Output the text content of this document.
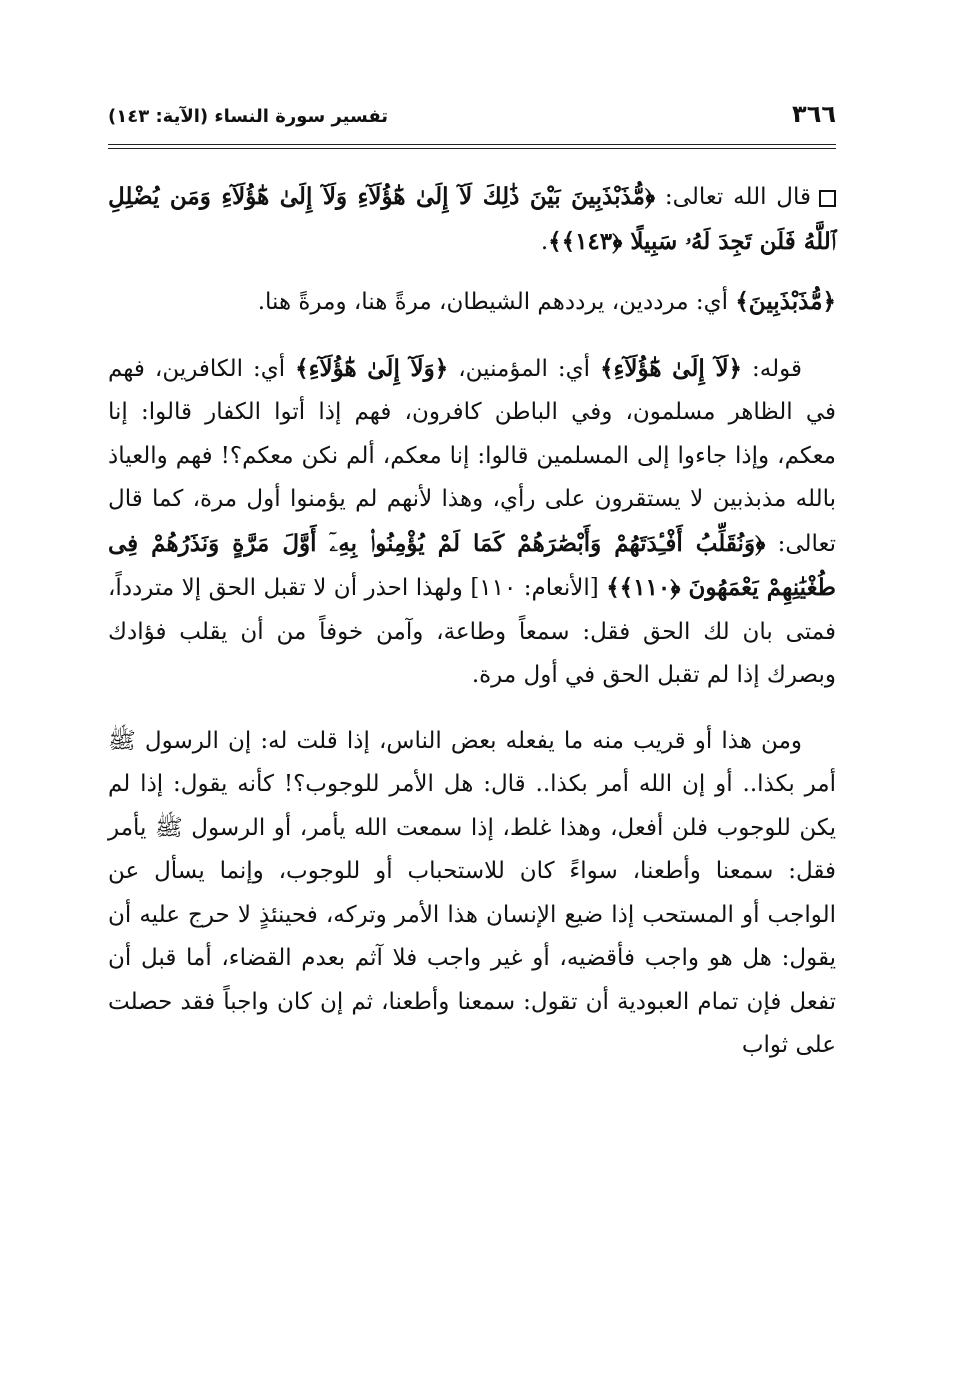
٣٦٦
تفسير سورة النساء (الآية: ١٤٣)

قال الله تعالى: ﴿مُّذَبْذَبِينَ بَيْنَ ذَٰلِكَ لَآ إِلَىٰ هَٰٓؤُلَآءِ وَلَآ إِلَىٰ هَٰٓؤُلَآءِ وَمَن يُضْلِلِ ٱللَّهُ فَلَن تَجِدَ لَهُۥ سَبِيلًا ﴿١٤٣﴾﴾.

﴿مُّذَبْذَبِينَ﴾ أي: مرددين، يرددهم الشيطان، مرةً هنا، ومرةً هنا.

قوله: ﴿لَآ إِلَىٰ هَٰٓؤُلَآءِ﴾ أي: المؤمنين، ﴿وَلَآ إِلَىٰ هَٰٓؤُلَآءِ﴾ أي: الكافرين، فهم في الظاهر مسلمون، وفي الباطن كافرون، فهم إذا أتوا الكفار قالوا: إنا معكم، وإذا جاءوا إلى المسلمين قالوا: إنا معكم، ألم نكن معكم؟! فهم والعياذ بالله مذبذبين لا يستقرون على رأي، وهذا لأنهم لم يؤمنوا أول مرة، كما قال تعالى: ﴿وَنُقَلِّبُ أَفْـِٔدَتَهُمْ وَأَبْصَٰرَهُمْ كَمَا لَمْ يُؤْمِنُوا۟ بِهِۦٓ أَوَّلَ مَرَّةٍ وَنَذَرُهُمْ فِى طُغْيَٰنِهِمْ يَعْمَهُونَ ﴿١١٠﴾﴾ [الأنعام: ١١٠] ولهذا احذر أن لا تقبل الحق إلا متردداً، فمتى بان لك الحق فقل: سمعاً وطاعة، وآمن خوفاً من أن يقلب فؤادك وبصرك إذا لم تقبل الحق في أول مرة.

ومن هذا أو قريب منه ما يفعله بعض الناس، إذا قلت له: إن الرسول ﷺ أمر بكذا.. أو إن الله أمر بكذا.. قال: هل الأمر للوجوب؟! كأنه يقول: إذا لم يكن للوجوب فلن أفعل، وهذا غلط، إذا سمعت الله يأمر، أو الرسول ﷺ يأمر فقل: سمعنا وأطعنا، سواءً كان للاستحباب أو للوجوب، وإنما يسأل عن الواجب أو المستحب إذا ضيع الإنسان هذا الأمر وتركه، فحينئذٍ لا حرج عليه أن يقول: هل هو واجب فأقضيه، أو غير واجب فلا آثم بعدم القضاء، أما قبل أن تفعل فإن تمام العبودية أن تقول: سمعنا وأطعنا، ثم إن كان واجباً فقد حصلت على ثواب
